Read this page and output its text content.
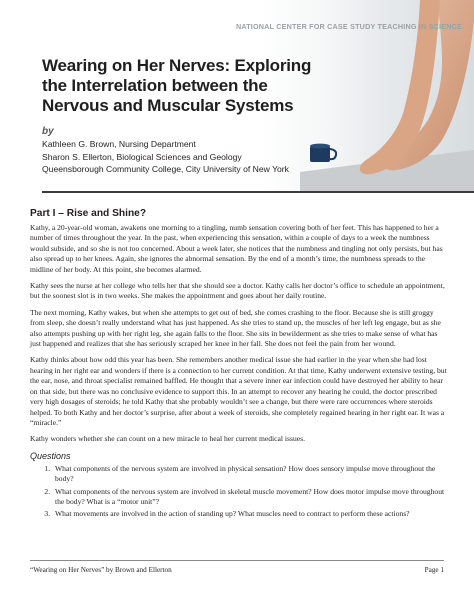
NATIONAL CENTER FOR CASE STUDY TEACHING IN SCIENCE
Wearing on Her Nerves: Exploring the Interrelation between the Nervous and Muscular Systems
by
Kathleen G. Brown, Nursing Department
Sharon S. Ellerton, Biological Sciences and Geology
Queensborough Community College, City University of New York
Part I – Rise and Shine?

Kathy, a 20-year-old woman, awakens one morning to a tingling, numb sensation covering both of her feet. This has happened to her a number of times throughout the year. In the past, when experiencing this sensation, within a couple of days to a week the numbness would subside, and so she is not too concerned. About a week later, she notices that the numbness and tingling not only persists, but has also spread up to her knees. Again, she ignores the abnormal sensation. By the end of a month’s time, the numbness spreads to the midline of her body. At this point, she becomes alarmed.

Kathy sees the nurse at her college who tells her that she should see a doctor. Kathy calls her doctor’s office to schedule an appointment, but the soonest slot is in two weeks. She makes the appointment and goes about her daily routine.

The next morning, Kathy wakes, but when she attempts to get out of bed, she comes crashing to the floor. Because she is still groggy from sleep, she doesn’t really understand what has just happened. As she tries to stand up, the muscles of her left leg engage, but as she also attempts pushing up with her right leg, she again falls to the floor. She sits in bewilderment as she tries to make sense of what has just happened and realizes that she has seriously scraped her knee in her fall. She does not feel the pain from her wound.

Kathy thinks about how odd this year has been. She remembers another medical issue she had earlier in the year when she had lost hearing in her right ear and wonders if there is a connection to her current condition. At that time, Kathy underwent extensive testing, but the ear, nose, and throat specialist remained baffled. He thought that a severe inner ear infection could have destroyed her ability to hear on that side, but there was no conclusive evidence to support this. In an attempt to recover any hearing he could, the doctor prescribed very high dosages of steroids; he told Kathy that she probably wouldn’t see a change, but there were rare occurrences where steroids helped. To both Kathy and her doctor’s surprise, after about a week of steroids, she completely regained hearing in her right ear. It was a “miracle.”

Kathy wonders whether she can count on a new miracle to heal her current medical issues.

Questions
1. What components of the nervous system are involved in physical sensation? How does sensory impulse move throughout the body?
2. What components of the nervous system are involved in skeletal muscle movement? How does motor impulse move throughout the body? What is a “motor unit”?
3. What movements are involved in the action of standing up? What muscles need to contract to perform these actions?
“Wearing on Her Nerves” by Brown and Ellerton	Page 1
